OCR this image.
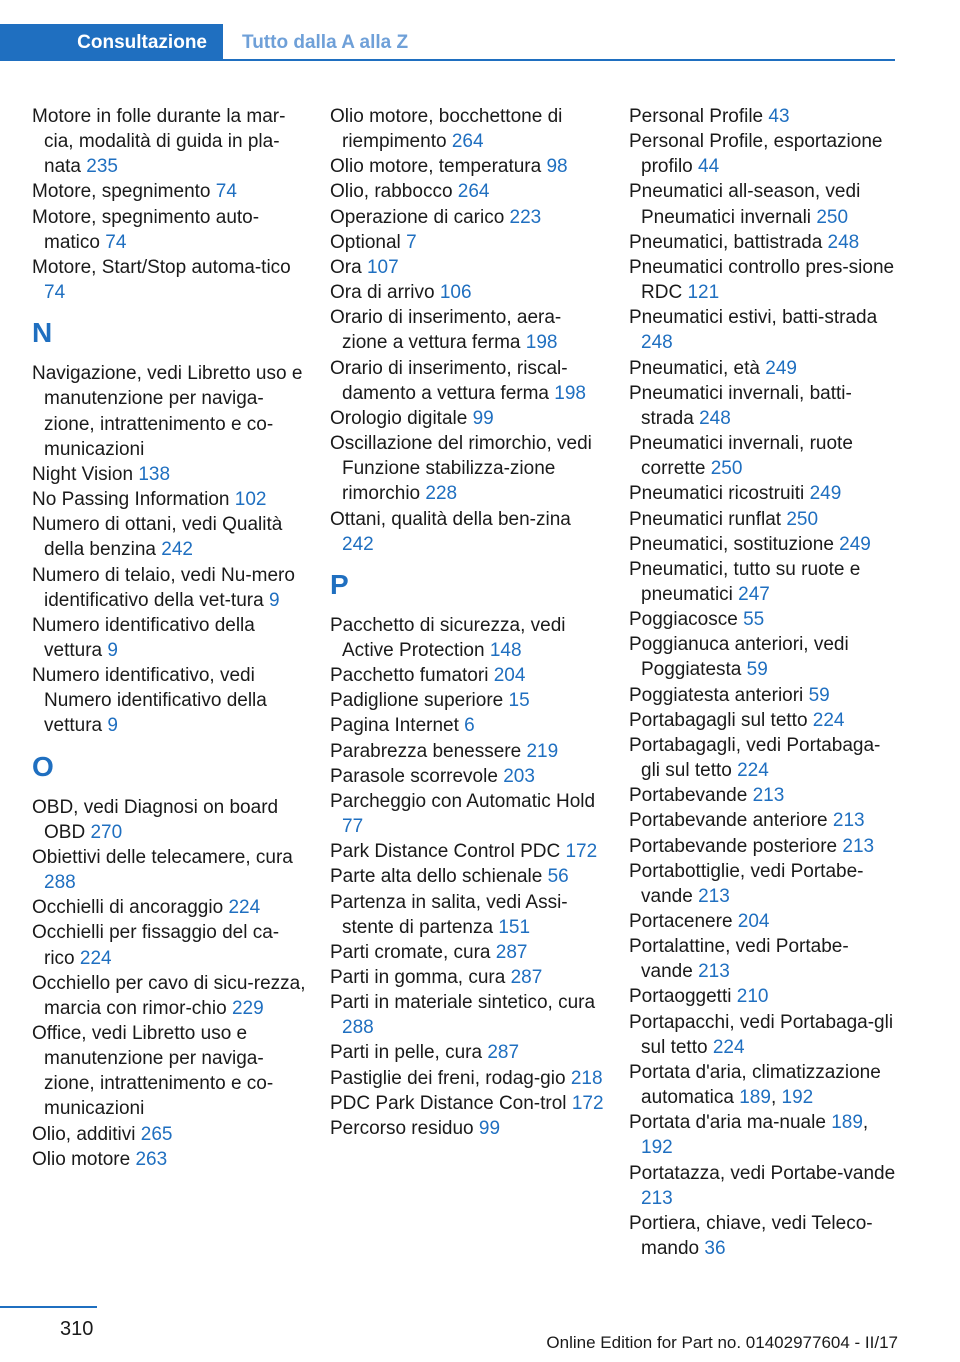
Consultazione	Tutto dalla A alla Z
Motore in folle durante la mar-cia, modalità di guida in pla-nata 235
Motore, spegnimento 74
Motore, spegnimento auto-matico 74
Motore, Start/Stop automa-tico 74
N
Navigazione, vedi Libretto uso e manutenzione per naviga-zione, intrattenimento e co-municazioni
Night Vision 138
No Passing Information 102
Numero di ottani, vedi Qualità della benzina 242
Numero di telaio, vedi Nu-mero identificativo della vet-tura 9
Numero identificativo della vettura 9
Numero identificativo, vedi Numero identificativo della vettura 9
O
OBD, vedi Diagnosi on board OBD 270
Obiettivi delle telecamere, cura 288
Occhielli di ancoraggio 224
Occhielli per fissaggio del ca-rico 224
Occhiello per cavo di sicu-rezza, marcia con rimor-chio 229
Office, vedi Libretto uso e manutenzione per naviga-zione, intrattenimento e co-municazioni
Olio, additivi 265
Olio motore 263
Olio motore, bocchettone di riempimento 264
Olio motore, temperatura 98
Olio, rabbocco 264
Operazione di carico 223
Optional 7
Ora 107
Ora di arrivo 106
Orario di inserimento, aera-zione a vettura ferma 198
Orario di inserimento, riscal-damento a vettura ferma 198
Orologio digitale 99
Oscillazione del rimorchio, vedi Funzione stabilizza-zione rimorchio 228
Ottani, qualità della ben-zina 242
P
Pacchetto di sicurezza, vedi Active Protection 148
Pacchetto fumatori 204
Padiglione superiore 15
Pagina Internet 6
Parabrezza benessere 219
Parasole scorrevole 203
Parcheggio con Automatic Hold 77
Park Distance Control PDC 172
Parte alta dello schienale 56
Partenza in salita, vedi Assi-stente di partenza 151
Parti cromate, cura 287
Parti in gomma, cura 287
Parti in materiale sintetico, cura 288
Parti in pelle, cura 287
Pastiglie dei freni, rodag-gio 218
PDC Park Distance Con-trol 172
Percorso residuo 99
Personal Profile 43
Personal Profile, esportazione profilo 44
Pneumatici all-season, vedi Pneumatici invernali 250
Pneumatici, battistrada 248
Pneumatici controllo pres-sione RDC 121
Pneumatici estivi, batti-strada 248
Pneumatici, età 249
Pneumatici invernali, batti-strada 248
Pneumatici invernali, ruote corrette 250
Pneumatici ricostruiti 249
Pneumatici runflat 250
Pneumatici, sostituzione 249
Pneumatici, tutto su ruote e pneumatici 247
Poggiacosce 55
Poggianuca anteriori, vedi Poggiatesta 59
Poggiatesta anteriori 59
Portabagagli sul tetto 224
Portabagagli, vedi Portabaga-gli sul tetto 224
Portabevande 213
Portabevande anteriore 213
Portabevande posteriore 213
Portabottiglie, vedi Portabe-vande 213
Portacenere 204
Portalattine, vedi Portabe-vande 213
Portaoggetti 210
Portapacchi, vedi Portabaga-gli sul tetto 224
Portata d'aria, climatizzazione automatica 189, 192
Portata d'aria ma-nuale 189, 192
Portatazza, vedi Portabe-vande 213
Portiera, chiave, vedi Teleco-mando 36
310
Online Edition for Part no. 01402977604 - II/17
